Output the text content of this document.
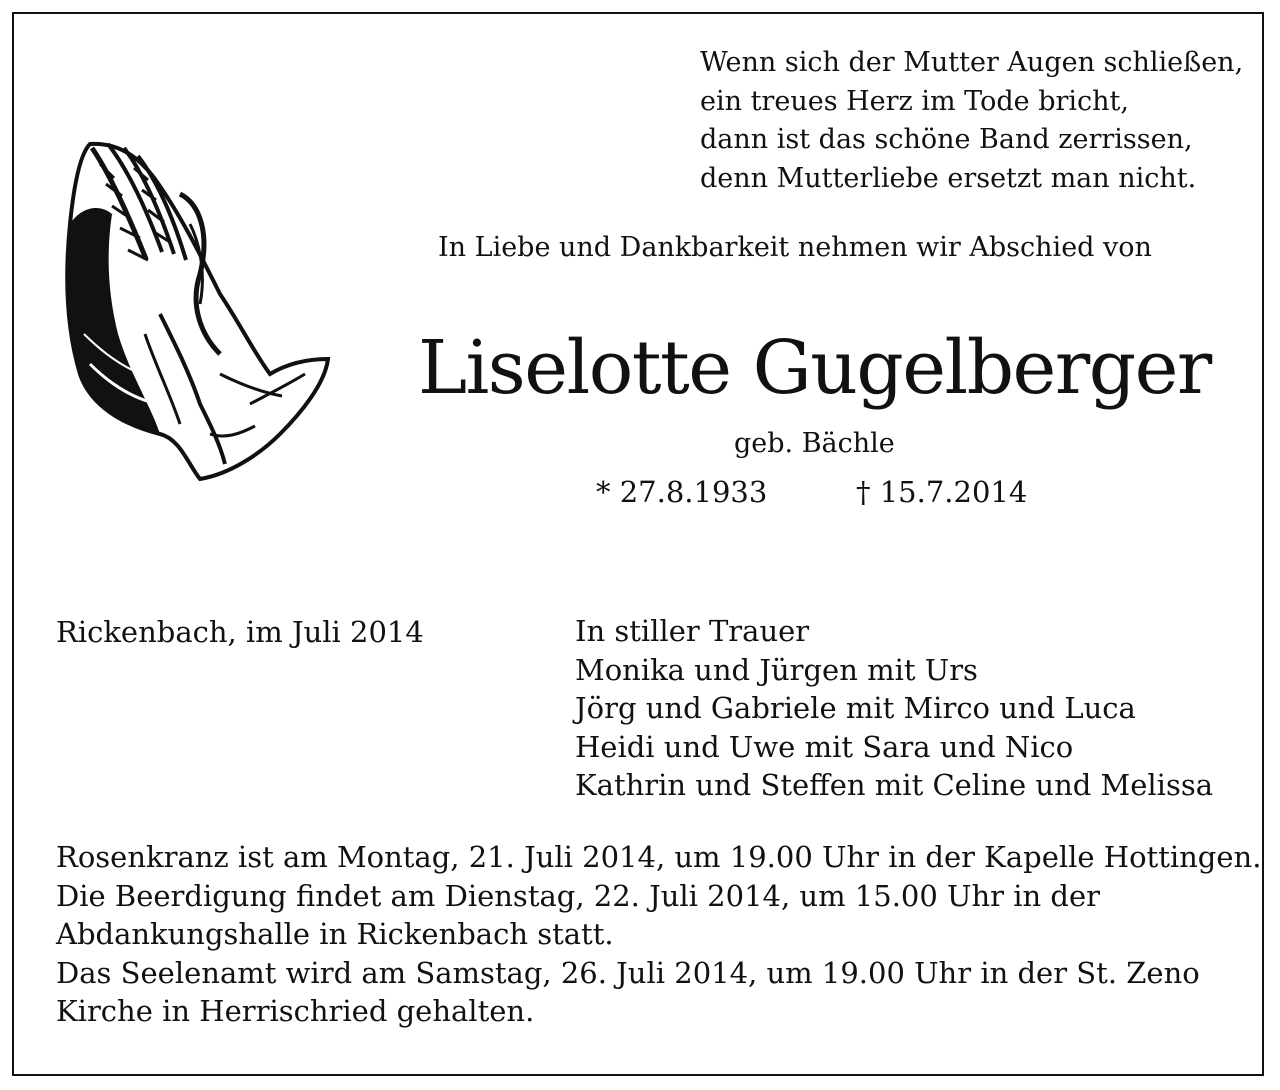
Wenn sich der Mutter Augen schließen,
ein treues Herz im Tode bricht,
dann ist das schöne Band zerrissen,
denn Mutterliebe ersetzt man nicht.
In Liebe und Dankbarkeit nehmen wir Abschied von
Liselotte Gugelberger
geb. Bächle
* 27.8.1933	† 15.7.2014
Rickenbach, im Juli 2014	In stiller Trauer
Monika und Jürgen mit Urs
Jörg und Gabriele mit Mirco und Luca
Heidi und Uwe mit Sara und Nico
Kathrin und Steffen mit Celine und Melissa
Rosenkranz ist am Montag, 21. Juli 2014, um 19.00 Uhr in der Kapelle Hottingen.
Die Beerdigung findet am Dienstag, 22. Juli 2014, um 15.00 Uhr in der
Abdankungshalle in Rickenbach statt.
Das Seelenamt wird am Samstag, 26. Juli 2014, um 19.00 Uhr in der St. Zeno
Kirche in Herrischried gehalten.
